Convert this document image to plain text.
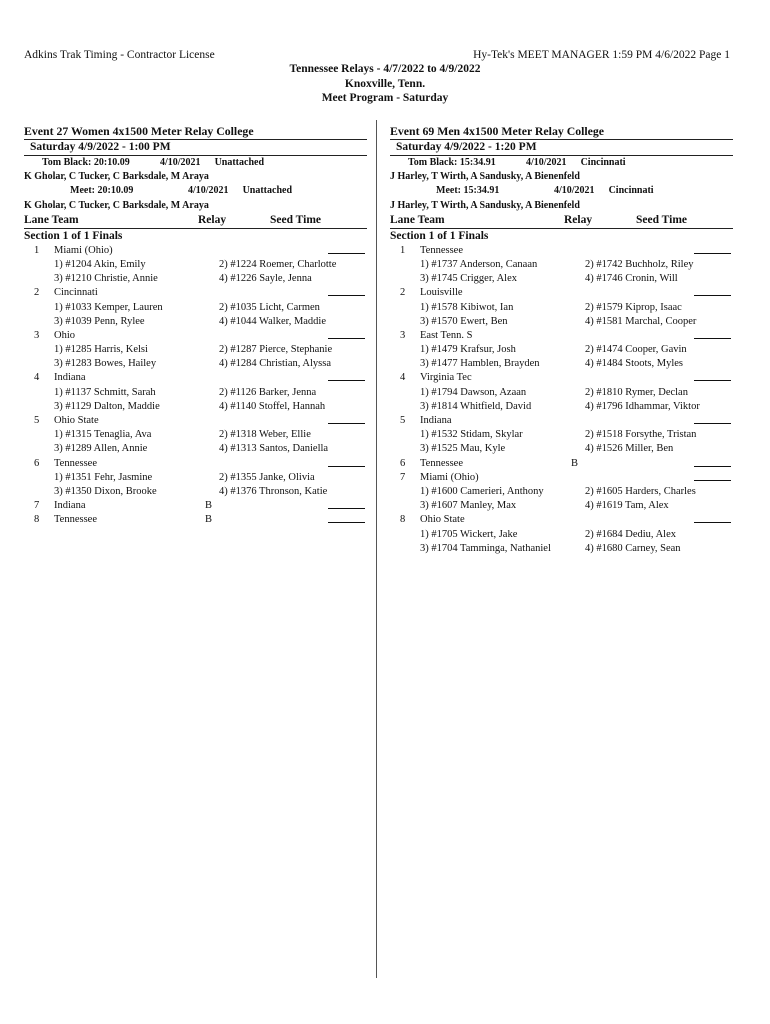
Adkins Trak Timing - Contractor License	Hy-Tek's MEET MANAGER 1:59 PM 4/6/2022 Page 1
Tennessee Relays - 4/7/2022 to 4/9/2022
Knoxville, Tenn.
Meet Program - Saturday
Event 27 Women 4x1500 Meter Relay College
Saturday 4/9/2022 - 1:00 PM
Tom Black: 20:10.09	4/10/2021 Unattached
K Gholar, C Tucker, C Barksdale, M Araya
Meet: 20:10.09	4/10/2021 Unattached
K Gholar, C Tucker, C Barksdale, M Araya
Lane Team	Relay	Seed Time
Section 1 of 1 Finals
1 Miami (Ohio)
1) #1204 Akin, Emily	2) #1224 Roemer, Charlotte
3) #1210 Christie, Annie	4) #1226 Sayle, Jenna
2 Cincinnati
1) #1033 Kemper, Lauren	2) #1035 Licht, Carmen
3) #1039 Penn, Rylee	4) #1044 Walker, Maddie
3 Ohio
1) #1285 Harris, Kelsi	2) #1287 Pierce, Stephanie
3) #1283 Bowes, Hailey	4) #1284 Christian, Alyssa
4 Indiana
1) #1137 Schmitt, Sarah	2) #1126 Barker, Jenna
3) #1129 Dalton, Maddie	4) #1140 Stoffel, Hannah
5 Ohio State
1) #1315 Tenaglia, Ava	2) #1318 Weber, Ellie
3) #1289 Allen, Annie	4) #1313 Santos, Daniella
6 Tennessee
1) #1351 Fehr, Jasmine	2) #1355 Janke, Olivia
3) #1350 Dixon, Brooke	4) #1376 Thronson, Katie
7 Indiana	B
8 Tennessee	B
Event 69 Men 4x1500 Meter Relay College
Saturday 4/9/2022 - 1:20 PM
Tom Black: 15:34.91	4/10/2021 Cincinnati
J Harley, T Wirth, A Sandusky, A Bienenfeld
Meet: 15:34.91	4/10/2021 Cincinnati
J Harley, T Wirth, A Sandusky, A Bienenfeld
Lane Team	Relay	Seed Time
Section 1 of 1 Finals
1 Tennessee
1) #1737 Anderson, Canaan	2) #1742 Buchholz, Riley
3) #1745 Crigger, Alex	4) #1746 Cronin, Will
2 Louisville
1) #1578 Kibiwot, Ian	2) #1579 Kiprop, Isaac
3) #1570 Ewert, Ben	4) #1581 Marchal, Cooper
3 East Tenn. S
1) #1479 Krafsur, Josh	2) #1474 Cooper, Gavin
3) #1477 Hamblen, Brayden	4) #1484 Stoots, Myles
4 Virginia Tec
1) #1794 Dawson, Azaan	2) #1810 Rymer, Declan
3) #1814 Whitfield, David	4) #1796 Idhammar, Viktor
5 Indiana
1) #1532 Stidam, Skylar	2) #1518 Forsythe, Tristan
3) #1525 Mau, Kyle	4) #1526 Miller, Ben
6 Tennessee	B
7 Miami (Ohio)
1) #1600 Camerieri, Anthony	2) #1605 Harders, Charles
3) #1607 Manley, Max	4) #1619 Tam, Alex
8 Ohio State
1) #1705 Wickert, Jake	2) #1684 Dediu, Alex
3) #1704 Tamminga, Nathaniel	4) #1680 Carney, Sean
